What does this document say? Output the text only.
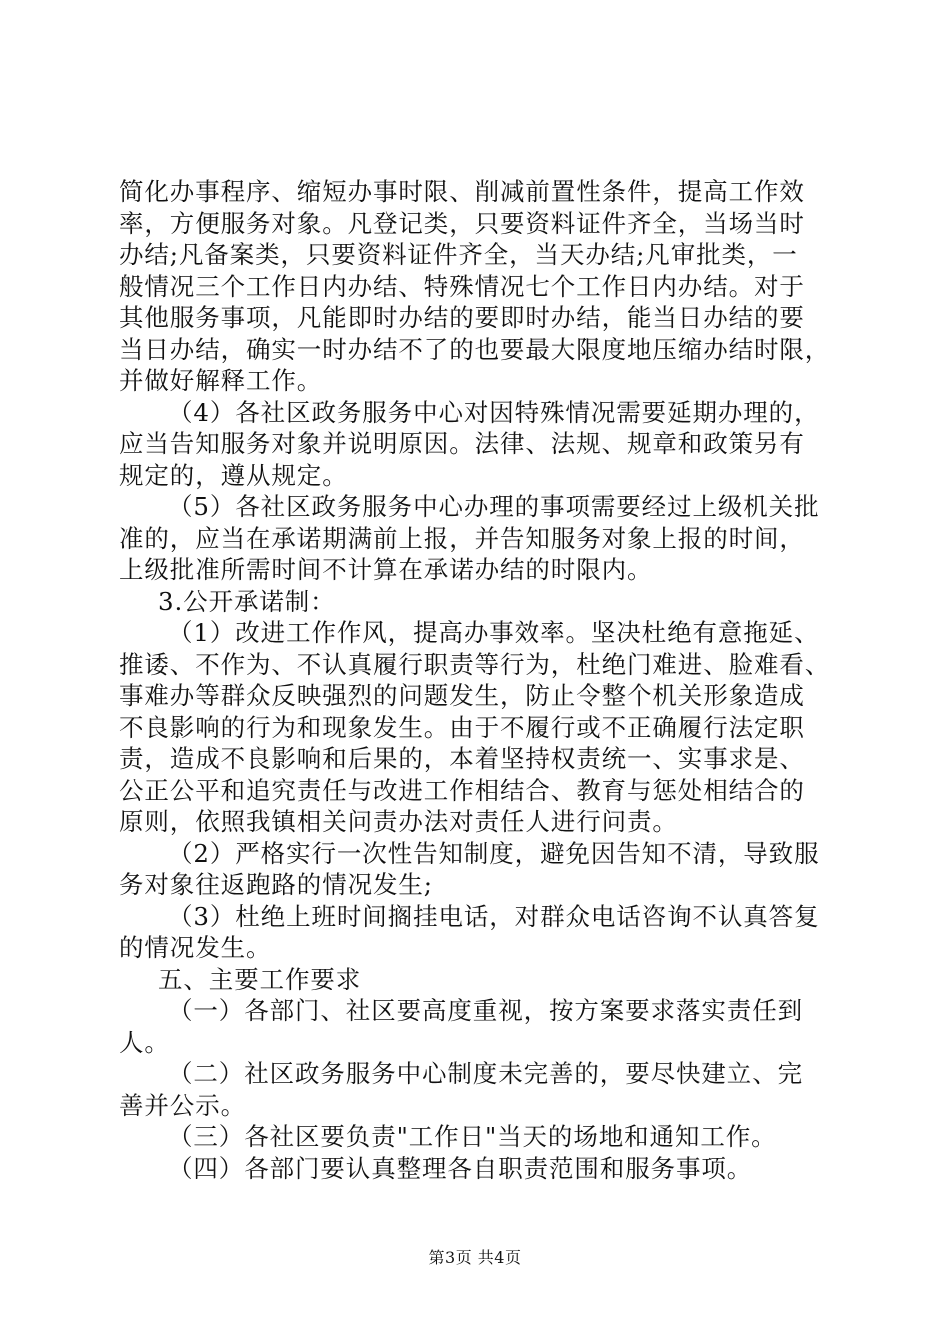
简化办事程序、缩短办事时限、削减前置性条件，提高工作效
率，方便服务对象。凡登记类，只要资料证件齐全，当场当时
办结;凡备案类，只要资料证件齐全，当天办结;凡审批类，一
般情况三个工作日内办结、特殊情况七个工作日内办结。对于
其他服务事项，凡能即时办结的要即时办结，能当日办结的要
当日办结，确实一时办结不了的也要最大限度地压缩办结时限，
并做好解释工作。
（4）各社区政务服务中心对因特殊情况需要延期办理的，
应当告知服务对象并说明原因。法律、法规、规章和政策另有
规定的，遵从规定。
（5）各社区政务服务中心办理的事项需要经过上级机关批
准的，应当在承诺期满前上报，并告知服务对象上报的时间，
上级批准所需时间不计算在承诺办结的时限内。
3.公开承诺制：
（1）改进工作作风，提高办事效率。坚决杜绝有意拖延、
推诿、不作为、不认真履行职责等行为，杜绝门难进、脸难看、
事难办等群众反映强烈的问题发生，防止令整个机关形象造成
不良影响的行为和现象发生。由于不履行或不正确履行法定职
责，造成不良影响和后果的，本着坚持权责统一、实事求是、
公正公平和追究责任与改进工作相结合、教育与惩处相结合的
原则，依照我镇相关问责办法对责任人进行问责。
（2）严格实行一次性告知制度，避免因告知不清，导致服
务对象往返跑路的情况发生;
（3）杜绝上班时间搁挂电话，对群众电话咨询不认真答复
的情况发生。
五、主要工作要求
（一）各部门、社区要高度重视，按方案要求落实责任到
人。
（二）社区政务服务中心制度未完善的，要尽快建立、完
善并公示。
（三）各社区要负责"工作日"当天的场地和通知工作。
（四）各部门要认真整理各自职责范围和服务事项。
第3页 共4页
